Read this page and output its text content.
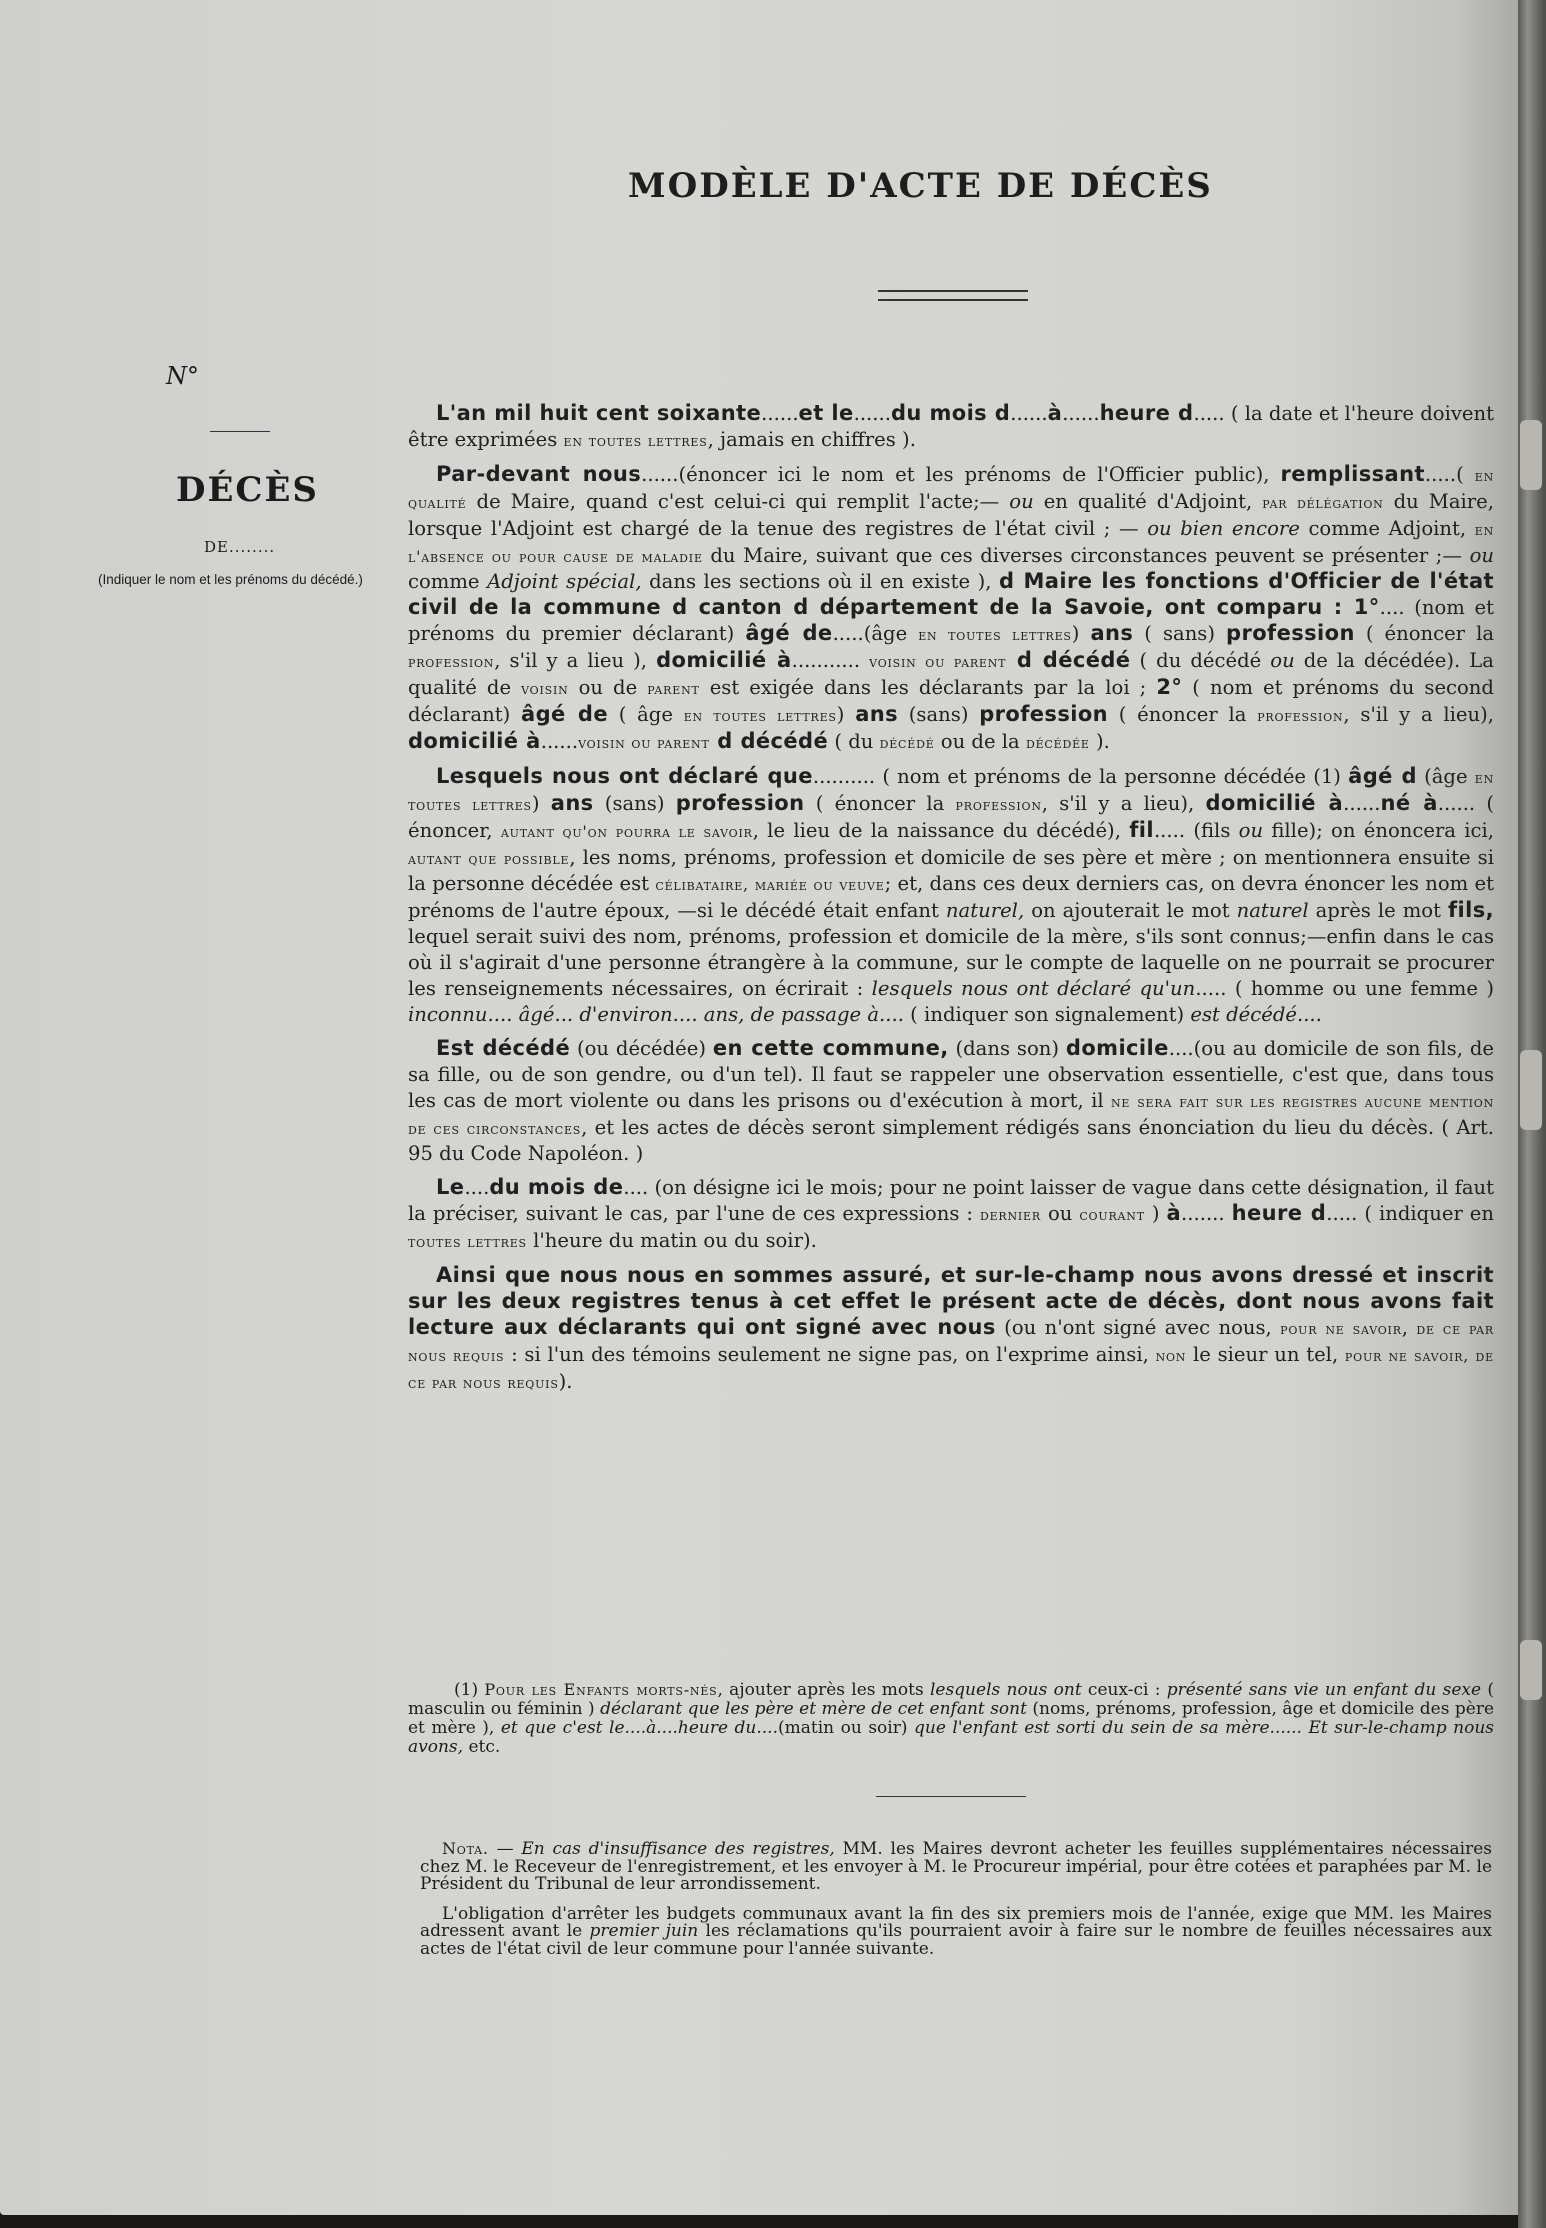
MODÈLE D'ACTE DE DÉCÈS
N°
DÉCÈS
DE........
(Indiquer le nom et les prénoms du décédé.)

L'an mil huit cent soixante......et le......du mois d......à......heure d..... ( la date et l'heure doivent être exprimées en toutes lettres, jamais en chiffres ).

Par-devant nous......(énoncer ici le nom et les prénoms de l'Officier public), remplissant.....( en qualité de Maire, quand c'est celui-ci qui remplit l'acte;— ou en qualité d'Adjoint, par délégation du Maire, lorsque l'Adjoint est chargé de la tenue des registres de l'état civil ; — ou bien encore comme Adjoint, en l'absence ou pour cause de maladie du Maire, suivant que ces diverses circonstances peuvent se présenter ;— ou comme Adjoint spécial, dans les sections où il en existe ), d Maire les fonctions d'Officier de l'état civil de la commune d canton d département de la Savoie, ont comparu : 1°.... (nom et prénoms du premier déclarant) âgé de.....(âge en toutes lettres) ans ( sans) profession ( énoncer la profession, s'il y a lieu ), domicilié à........... voisin ou parent d décédé ( du décédé ou de la décédée). La qualité de voisin ou de parent est exigée dans les déclarants par la loi ; 2° ( nom et prénoms du second déclarant) âgé de ( âge en toutes lettres) ans (sans) profession ( énoncer la profession, s'il y a lieu), domicilié à......voisin ou parent d décédé ( du décédé ou de la décédée ).

Lesquels nous ont déclaré que.......... ( nom et prénoms de la personne décédée (1) âgé d (âge en toutes lettres) ans (sans) profession ( énoncer la profession, s'il y a lieu), domicilié à......né à...... ( énoncer, autant qu'on pourra le savoir, le lieu de la naissance du décédé), fil..... (fils ou fille); on énoncera ici, autant que possible, les noms, prénoms, profession et domicile de ses père et mère ; on mentionnera ensuite si la personne décédée est célibataire, mariée ou veuve; et, dans ces deux derniers cas, on devra énoncer les nom et prénoms de l'autre époux, —si le décédé était enfant naturel, on ajouterait le mot naturel après le mot fils, lequel serait suivi des nom, prénoms, profession et domicile de la mère, s'ils sont connus;—enfin dans le cas où il s'agirait d'une personne étrangère à la commune, sur le compte de laquelle on ne pourrait se procurer les renseignements nécessaires, on écrirait : lesquels nous ont déclaré qu'un..... ( homme ou une femme ) inconnu.... âgé... d'environ.... ans, de passage à.... ( indiquer son signalement) est décédé....

Est décédé (ou décédée) en cette commune, (dans son) domicile....(ou au domicile de son fils, de sa fille, ou de son gendre, ou d'un tel). Il faut se rappeler une observation essentielle, c'est que, dans tous les cas de mort violente ou dans les prisons ou d'exécution à mort, il ne sera fait sur les registres aucune mention de ces circonstances, et les actes de décès seront simplement rédigés sans énonciation du lieu du décès. ( Art. 95 du Code Napoléon. )

Le....du mois de.... (on désigne ici le mois; pour ne point laisser de vague dans cette désignation, il faut la préciser, suivant le cas, par l'une de ces expressions : dernier ou courant ) à....... heure d..... ( indiquer en toutes lettres l'heure du matin ou du soir).

Ainsi que nous nous en sommes assuré, et sur-le-champ nous avons dressé et inscrit sur les deux registres tenus à cet effet le présent acte de décès, dont nous avons fait lecture aux déclarants qui ont signé avec nous (ou n'ont signé avec nous, pour ne savoir, de ce par nous requis : si l'un des témoins seulement ne signe pas, on l'exprime ainsi, non le sieur un tel, pour ne savoir, de ce par nous requis).

(1) Pour les Enfants morts-nés, ajouter après les mots lesquels nous ont ceux-ci : présenté sans vie un enfant du sexe ( masculin ou féminin ) déclarant que les père et mère de cet enfant sont (noms, prénoms, profession, âge et domicile des père et mère ), et que c'est le....à....heure du....(matin ou soir) que l'enfant est sorti du sein de sa mère...... Et sur-le-champ nous avons, etc.

Nota. — En cas d'insuffisance des registres, MM. les Maires devront acheter les feuilles supplémentaires nécessaires chez M. le Receveur de l'enregistrement, et les envoyer à M. le Procureur impérial, pour être cotées et paraphées par M. le Président du Tribunal de leur arrondissement.

L'obligation d'arrêter les budgets communaux avant la fin des six premiers mois de l'année, exige que MM. les Maires adressent avant le premier juin les réclamations qu'ils pourraient avoir à faire sur le nombre de feuilles nécessaires aux actes de l'état civil de leur commune pour l'année suivante.
